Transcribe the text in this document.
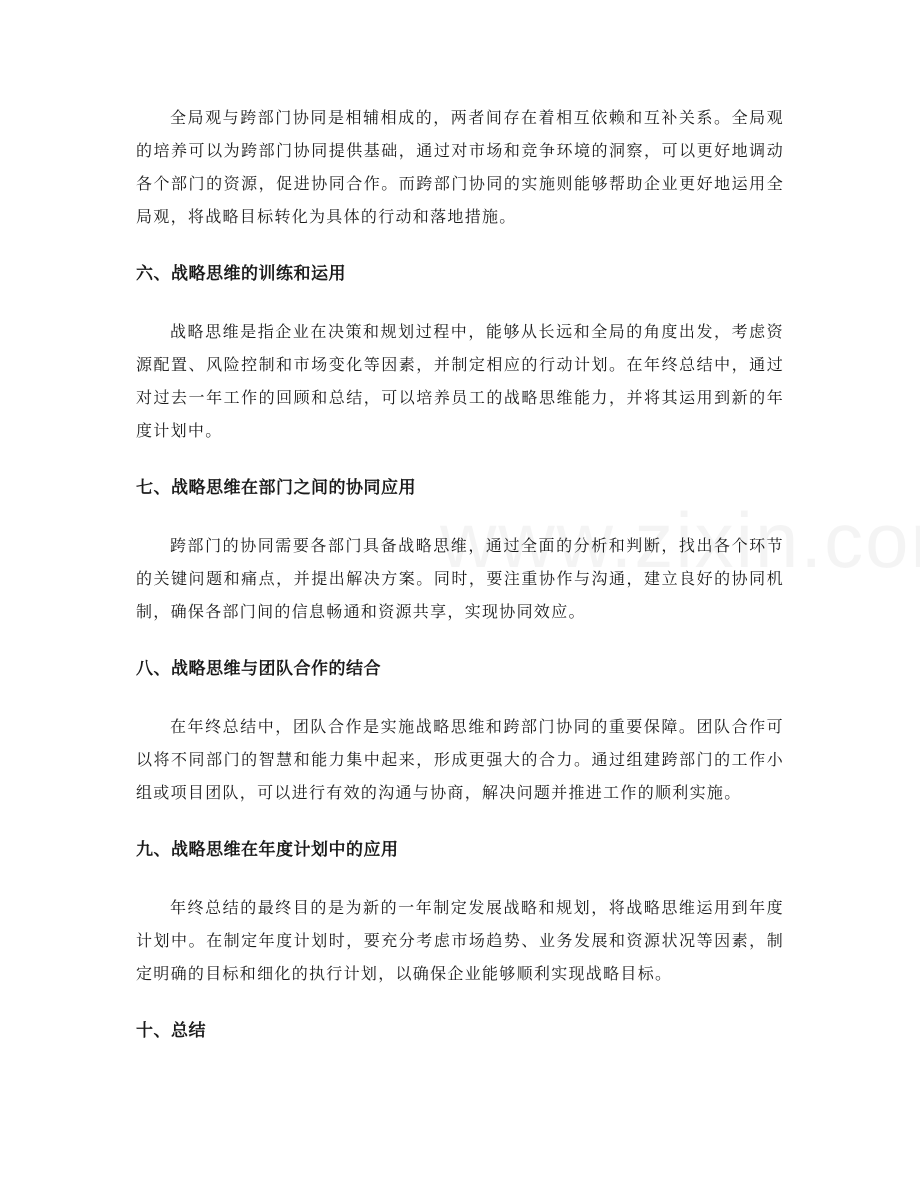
全局观与跨部门协同是相辅相成的，两者间存在着相互依赖和互补关系。全局观的培养可以为跨部门协同提供基础，通过对市场和竞争环境的洞察，可以更好地调动各个部门的资源，促进协同合作。而跨部门协同的实施则能够帮助企业更好地运用全局观，将战略目标转化为具体的行动和落地措施。

六、战略思维的训练和运用

战略思维是指企业在决策和规划过程中，能够从长远和全局的角度出发，考虑资源配置、风险控制和市场变化等因素，并制定相应的行动计划。在年终总结中，通过对过去一年工作的回顾和总结，可以培养员工的战略思维能力，并将其运用到新的年度计划中。

七、战略思维在部门之间的协同应用

跨部门的协同需要各部门具备战略思维，通过全面的分析和判断，找出各个环节的关键问题和痛点，并提出解决方案。同时，要注重协作与沟通，建立良好的协同机制，确保各部门间的信息畅通和资源共享，实现协同效应。

八、战略思维与团队合作的结合

在年终总结中，团队合作是实施战略思维和跨部门协同的重要保障。团队合作可以将不同部门的智慧和能力集中起来，形成更强大的合力。通过组建跨部门的工作小组或项目团队，可以进行有效的沟通与协商，解决问题并推进工作的顺利实施。

九、战略思维在年度计划中的应用

年终总结的最终目的是为新的一年制定发展战略和规划，将战略思维运用到年度计划中。在制定年度计划时，要充分考虑市场趋势、业务发展和资源状况等因素，制定明确的目标和细化的执行计划，以确保企业能够顺利实现战略目标。

十、总结
